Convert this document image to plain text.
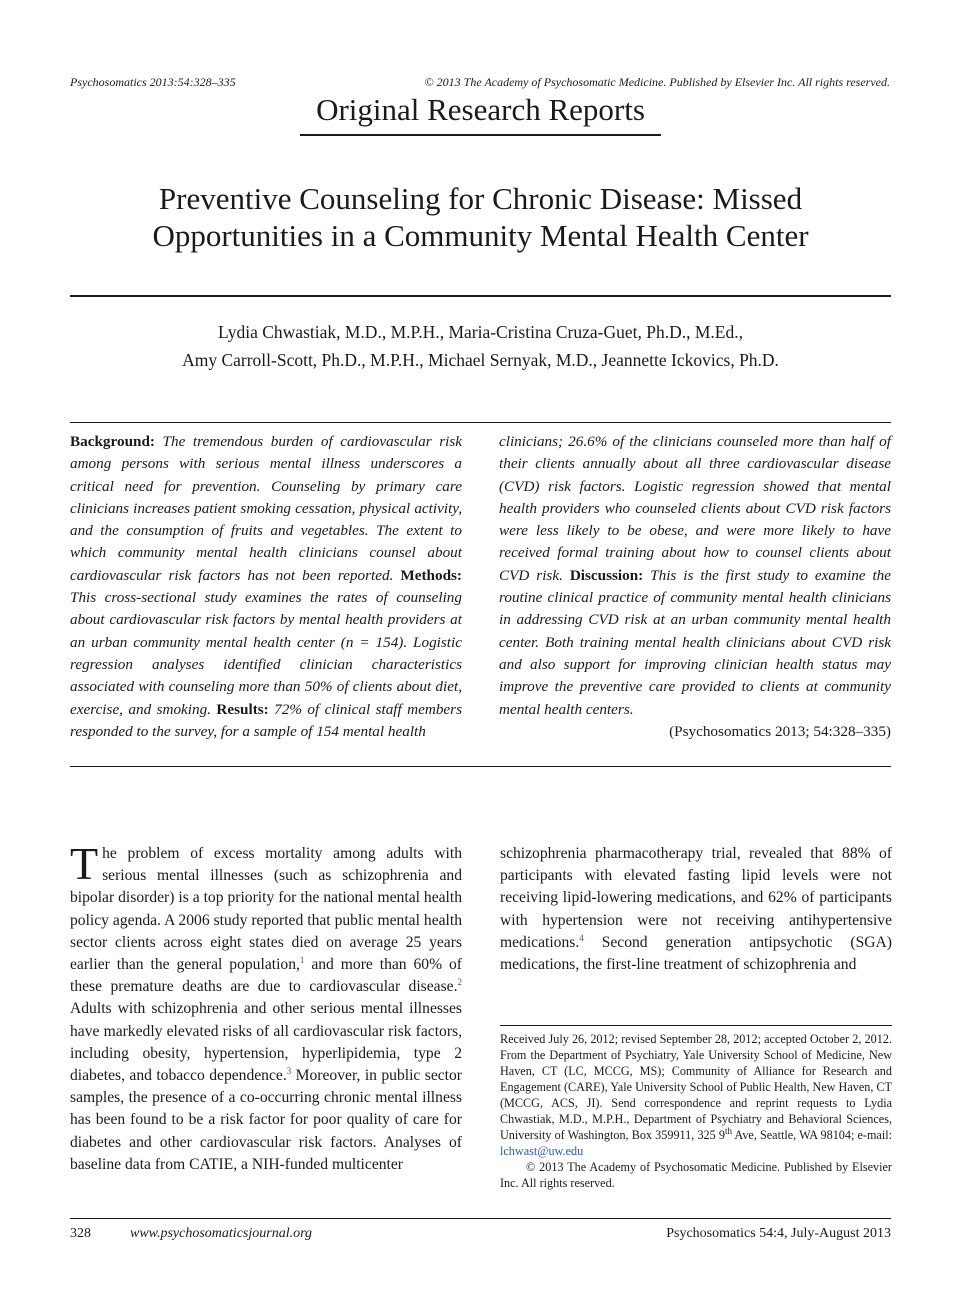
Psychosomatics 2013:54:328–335	© 2013 The Academy of Psychosomatic Medicine. Published by Elsevier Inc. All rights reserved.
Original Research Reports
Preventive Counseling for Chronic Disease: Missed Opportunities in a Community Mental Health Center
Lydia Chwastiak, M.D., M.P.H., Maria-Cristina Cruza-Guet, Ph.D., M.Ed.,
Amy Carroll-Scott, Ph.D., M.P.H., Michael Sernyak, M.D., Jeannette Ickovics, Ph.D.
Background: The tremendous burden of cardiovascular risk among persons with serious mental illness underscores a critical need for prevention. Counseling by primary care clinicians increases patient smoking cessation, physical activity, and the consumption of fruits and vegetables. The extent to which community mental health clinicians counsel about cardiovascular risk factors has not been reported. Methods: This cross-sectional study examines the rates of counseling about cardiovascular risk factors by mental health providers at an urban community mental health center (n = 154). Logistic regression analyses identified clinician characteristics associated with counseling more than 50% of clients about diet, exercise, and smoking. Results: 72% of clinical staff members responded to the survey, for a sample of 154 mental health
clinicians; 26.6% of the clinicians counseled more than half of their clients annually about all three cardiovascular disease (CVD) risk factors. Logistic regression showed that mental health providers who counseled clients about CVD risk factors were less likely to be obese, and were more likely to have received formal training about how to counsel clients about CVD risk. Discussion: This is the first study to examine the routine clinical practice of community mental health clinicians in addressing CVD risk at an urban community mental health center. Both training mental health clinicians about CVD risk and also support for improving clinician health status may improve the preventive care provided to clients at community mental health centers.
(Psychosomatics 2013; 54:328–335)
The problem of excess mortality among adults with serious mental illnesses (such as schizophrenia and bipolar disorder) is a top priority for the national mental health policy agenda. A 2006 study reported that public mental health sector clients across eight states died on average 25 years earlier than the general population,$^1$ and more than 60% of these premature deaths are due to cardiovascular disease.$^2$ Adults with schizophrenia and other serious mental illnesses have markedly elevated risks of all cardiovascular risk factors, including obesity, hypertension, hyperlipidemia, type 2 diabetes, and tobacco dependence.$^3$ Moreover, in public sector samples, the presence of a co-occurring chronic mental illness has been found to be a risk factor for poor quality of care for diabetes and other cardiovascular risk factors. Analyses of baseline data from CATIE, a NIH-funded multicenter
schizophrenia pharmacotherapy trial, revealed that 88% of participants with elevated fasting lipid levels were not receiving lipid-lowering medications, and 62% of participants with hypertension were not receiving antihypertensive medications.$^4$ Second generation antipsychotic (SGA) medications, the first-line treatment of schizophrenia and
Received July 26, 2012; revised September 28, 2012; accepted October 2, 2012. From the Department of Psychiatry, Yale University School of Medicine, New Haven, CT (LC, MCCG, MS); Community of Alliance for Research and Engagement (CARE), Yale University School of Public Health, New Haven, CT (MCCG, ACS, JI). Send correspondence and reprint requests to Lydia Chwastiak, M.D., M.P.H., Department of Psychiatry and Behavioral Sciences, University of Washington, Box 359911, 325 9th Ave, Seattle, WA 98104; e-mail: lchwast@uw.edu
© 2013 The Academy of Psychosomatic Medicine. Published by Elsevier Inc. All rights reserved.
328	www.psychosomaticsjournal.org	Psychosomatics 54:4, July-August 2013
